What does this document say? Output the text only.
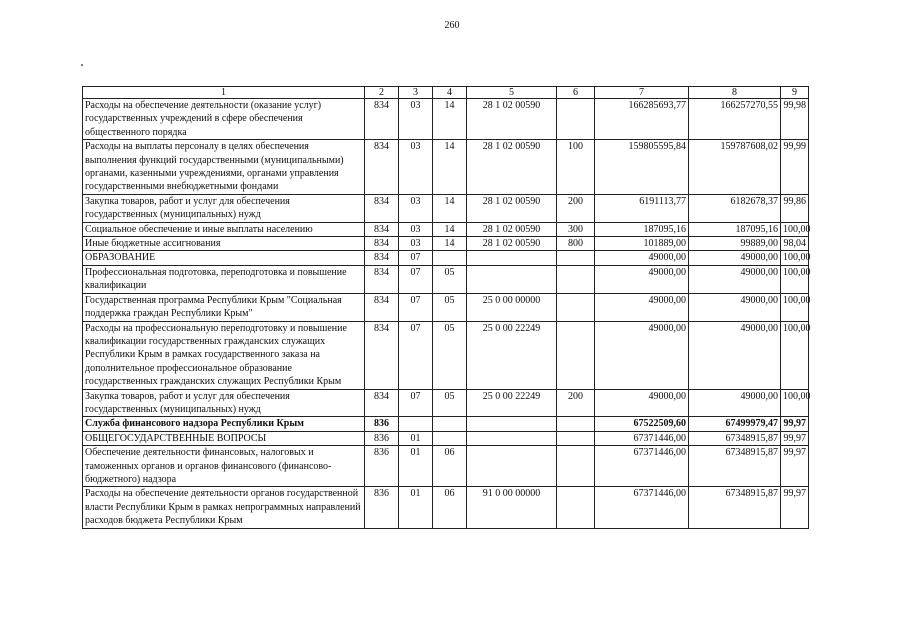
260
1	2	3	4	5	6	7	8	9
Расходы на обеспечение деятельности (оказание услуг) государственных учреждений в сфере обеспечения общественного порядка	834	03	14	28 1 02 00590		166285693,77	166257270,55	99,98
Расходы на выплаты персоналу в целях обеспечения выполнения функций государственными (муниципальными) органами, казенными учреждениями, органами управления государственными внебюджетными фондами	834	03	14	28 1 02 00590	100	159805595,84	159787608,02	99,99
Закупка товаров, работ и услуг для обеспечения государственных (муниципальных) нужд	834	03	14	28 1 02 00590	200	6191113,77	6182678,37	99,86
Социальное обеспечение и иные выплаты населению	834	03	14	28 1 02 00590	300	187095,16	187095,16	100,00
Иные бюджетные ассигнования	834	03	14	28 1 02 00590	800	101889,00	99889,00	98,04
ОБРАЗОВАНИЕ	834	07				49000,00	49000,00	100,00
Профессиональная подготовка, переподготовка и повышение квалификации	834	07	05			49000,00	49000,00	100,00
Государственная программа Республики Крым "Социальная поддержка граждан Республики Крым"	834	07	05	25 0 00 00000		49000,00	49000,00	100,00
Расходы на профессиональную переподготовку и повышение квалификации государственных гражданских служащих Республики Крым в рамках государственного заказа на дополнительное профессиональное образование государственных гражданских служащих Республики Крым	834	07	05	25 0 00 22249		49000,00	49000,00	100,00
Закупка товаров, работ и услуг для обеспечения государственных (муниципальных) нужд	834	07	05	25 0 00 22249	200	49000,00	49000,00	100,00
Служба финансового надзора Республики Крым	836					67522509,60	67499979,47	99,97
ОБЩЕГОСУДАРСТВЕННЫЕ ВОПРОСЫ	836	01				67371446,00	67348915,87	99,97
Обеспечение деятельности финансовых, налоговых и таможенных органов и органов финансового (финансово-бюджетного) надзора	836	01	06			67371446,00	67348915,87	99,97
Расходы на обеспечение деятельности органов государственной власти Республики Крым в рамках непрограммных направлений расходов бюджета Республики Крым	836	01	06	91 0 00 00000		67371446,00	67348915,87	99,97
